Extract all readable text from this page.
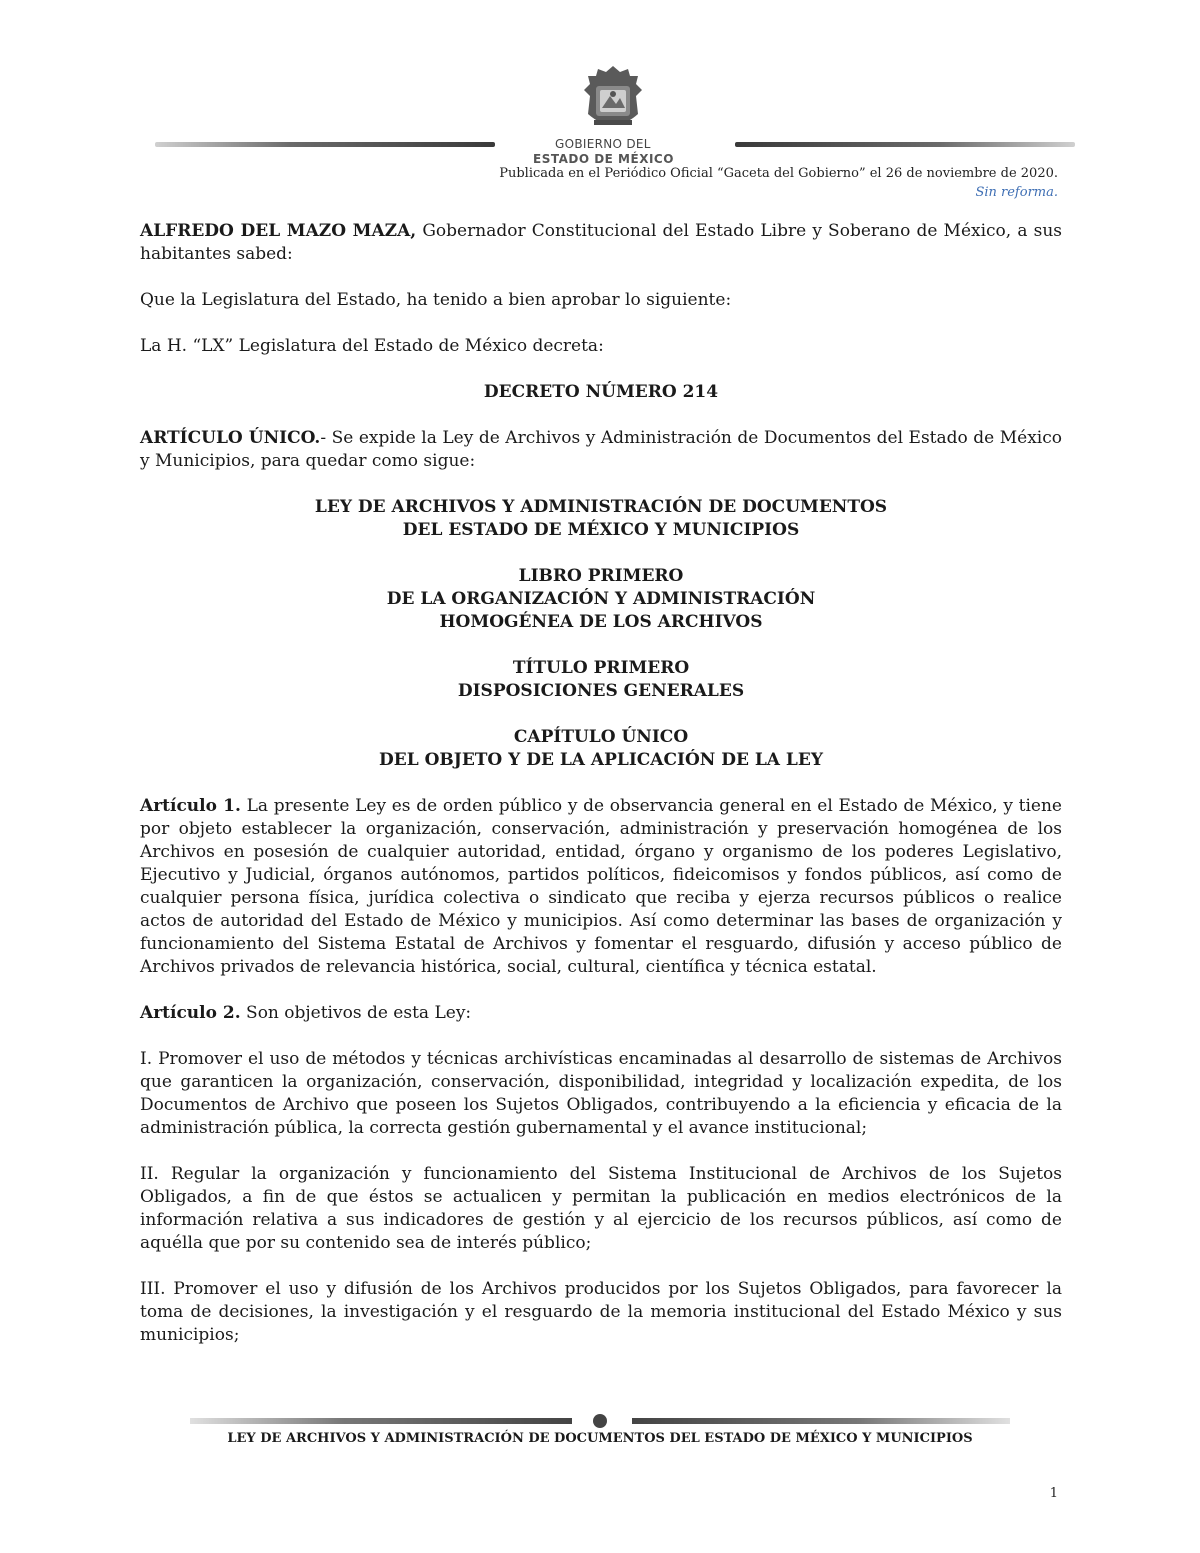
GOBIERNO DEL
ESTADO DE MÉXICO
Publicada en el Periódico Oficial “Gaceta del Gobierno” el 26 de noviembre de 2020.
Sin reforma.

ALFREDO DEL MAZO MAZA, Gobernador Constitucional del Estado Libre y Soberano de México, a sus habitantes sabed:

Que la Legislatura del Estado, ha tenido a bien aprobar lo siguiente:

La H. “LX” Legislatura del Estado de México decreta:

DECRETO NÚMERO 214

ARTÍCULO ÚNICO.- Se expide la Ley de Archivos y Administración de Documentos del Estado de México y Municipios, para quedar como sigue:

LEY DE ARCHIVOS Y ADMINISTRACIÓN DE DOCUMENTOS

DEL ESTADO DE MÉXICO Y MUNICIPIOS

LIBRO PRIMERO

DE LA ORGANIZACIÓN Y ADMINISTRACIÓN

HOMOGÉNEA DE LOS ARCHIVOS

TÍTULO PRIMERO

DISPOSICIONES GENERALES

CAPÍTULO ÚNICO

DEL OBJETO Y DE LA APLICACIÓN DE LA LEY

Artículo 1. La presente Ley es de orden público y de observancia general en el Estado de México, y tiene por objeto establecer la organización, conservación, administración y preservación homogénea de los Archivos en posesión de cualquier autoridad, entidad, órgano y organismo de los poderes Legislativo, Ejecutivo y Judicial, órganos autónomos, partidos políticos, fideicomisos y fondos públicos, así como de cualquier persona física, jurídica colectiva o sindicato que reciba y ejerza recursos públicos o realice actos de autoridad del Estado de México y municipios. Así como determinar las bases de organización y funcionamiento del Sistema Estatal de Archivos y fomentar el resguardo, difusión y acceso público de Archivos privados de relevancia histórica, social, cultural, científica y técnica estatal.

Artículo 2. Son objetivos de esta Ley:

I. Promover el uso de métodos y técnicas archivísticas encaminadas al desarrollo de sistemas de Archivos que garanticen la organización, conservación, disponibilidad, integridad y localización expedita, de los Documentos de Archivo que poseen los Sujetos Obligados, contribuyendo a la eficiencia y eficacia de la administración pública, la correcta gestión gubernamental y el avance institucional;

II. Regular la organización y funcionamiento del Sistema Institucional de Archivos de los Sujetos Obligados, a fin de que éstos se actualicen y permitan la publicación en medios electrónicos de la información relativa a sus indicadores de gestión y al ejercicio de los recursos públicos, así como de aquélla que por su contenido sea de interés público;

III. Promover el uso y difusión de los Archivos producidos por los Sujetos Obligados, para favorecer la toma de decisiones, la investigación y el resguardo de la memoria institucional del Estado México y sus municipios;

LEY DE ARCHIVOS Y ADMINISTRACIÓN DE DOCUMENTOS DEL ESTADO DE MÉXICO Y MUNICIPIOS
1
